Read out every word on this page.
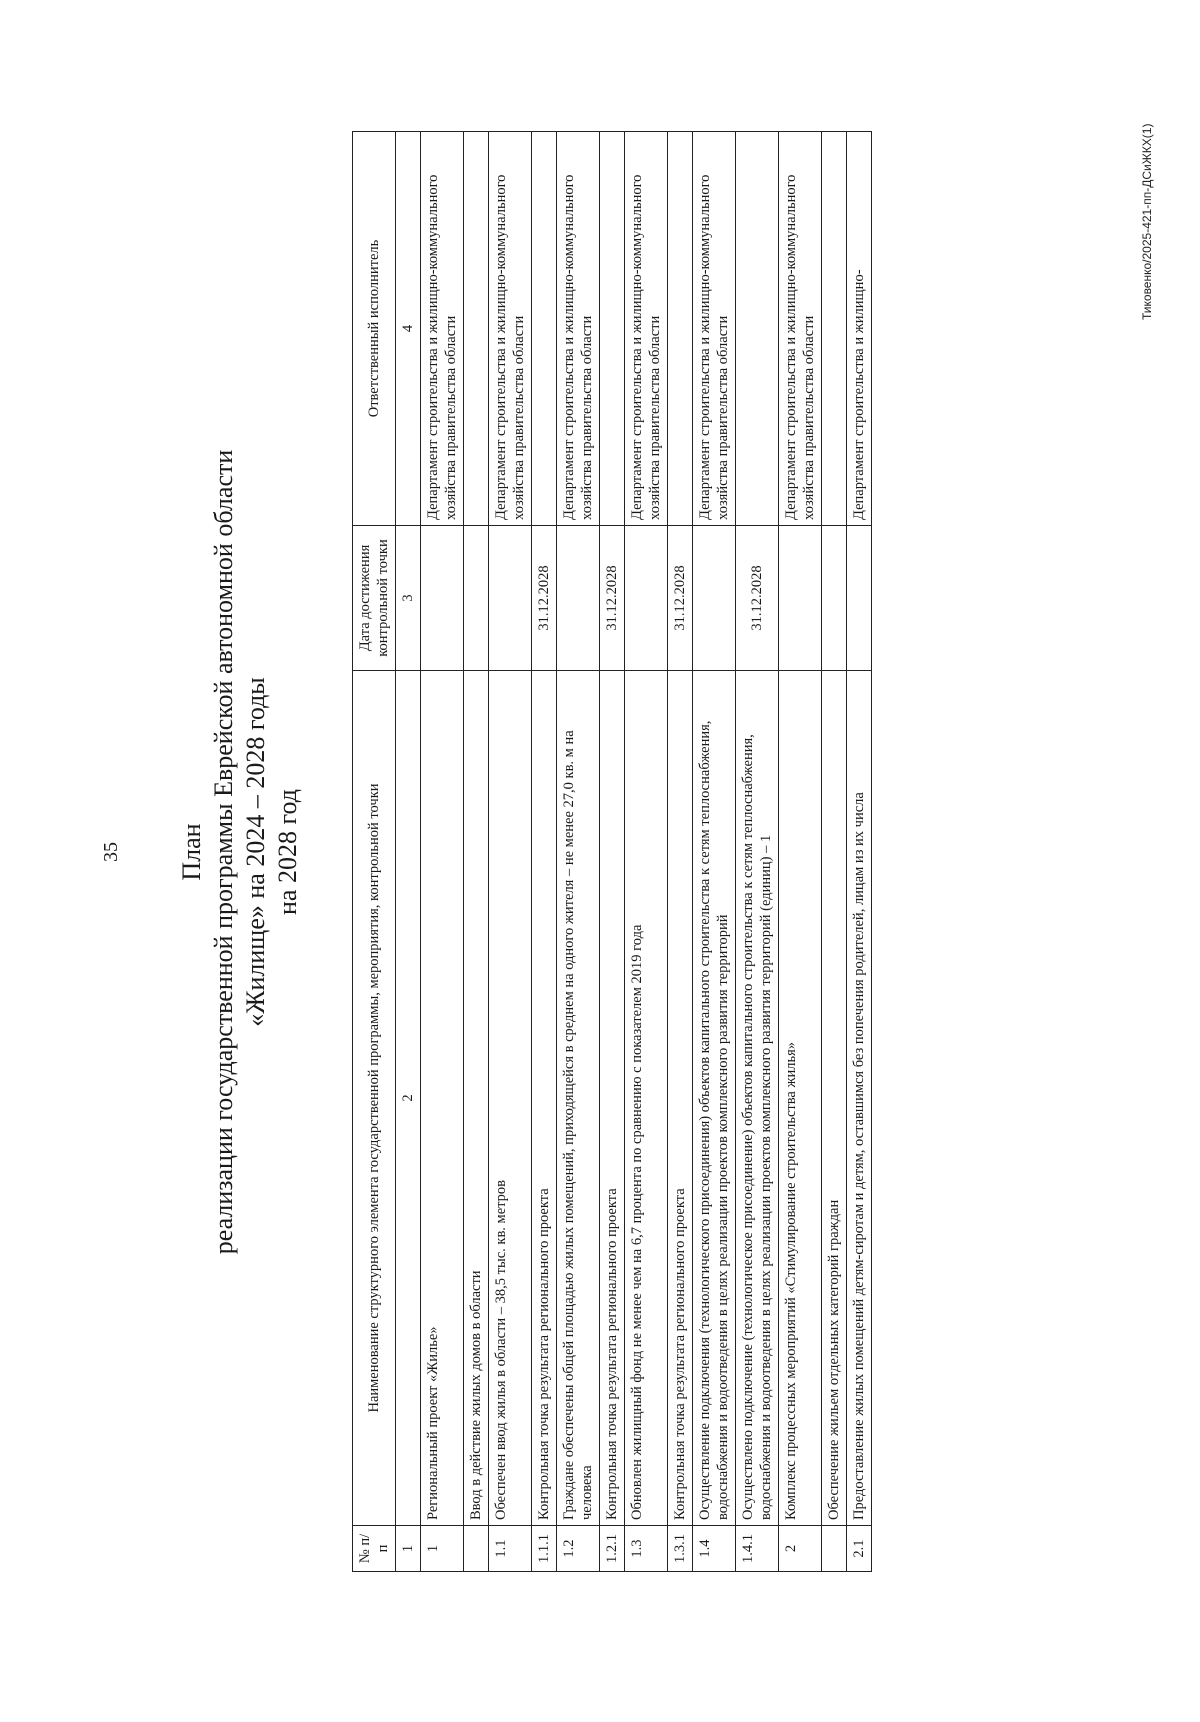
35 План реализации государственной программы Еврейской автономной области «Жилище» на 2024 – 2028 годы на 2028 год
№ п/п	Наименование структурного элемента государственной программы, мероприятия, контрольной точки	Дата достижения контрольной точки	Ответственный исполнитель
1	2	3	4
1	Региональный проект «Жилье»		Департамент строительства и жилищно-коммунального хозяйства правительства области
	Ввод в действие жилых домов в области		
1.1	Обеспечен ввод жилья в области – 38,5 тыс. кв. метров		Департамент строительства и жилищно-коммунального хозяйства правительства области
1.1.1	Контрольная точка результата регионального проекта	31.12.2028	
1.2	Граждане обеспечены общей площадью жилых помещений, приходящейся в среднем на одного жителя – не менее 27,0 кв. м на человека		Департамент строительства и жилищно-коммунального хозяйства правительства области
1.2.1	Контрольная точка результата регионального проекта	31.12.2028	
1.3	Обновлен жилищный фонд не менее чем на 6,7 процента по сравнению с показателем 2019 года		Департамент строительства и жилищно-коммунального хозяйства правительства области
1.3.1	Контрольная точка результата регионального проекта	31.12.2028	
1.4	Осуществление подключения (технологического присоединения) объектов капитального строительства к сетям теплоснабжения, водоснабжения и водоотведения в целях реализации проектов комплексного развития территорий		Департамент строительства и жилищно-коммунального хозяйства правительства области
1.4.1	Осуществлено подключение (технологическое присоединение) объектов капитального строительства к сетям теплоснабжения, водоснабжения и водоотведения в целях реализации проектов комплексного развития территорий (единиц) – 1	31.12.2028	
2	Комплекс процессных мероприятий «Стимулирование строительства жилья»		Департамент строительства и жилищно-коммунального хозяйства правительства области
	Обеспечение жильем отдельных категорий граждан		
2.1	Предоставление жилых помещений детям-сиротам и детям, оставшимся без попечения родителей, лицам из их числа		Департамент строительства и жилищно-
Тиковенко/2025-421-пп-ДСиЖКХ(1)
